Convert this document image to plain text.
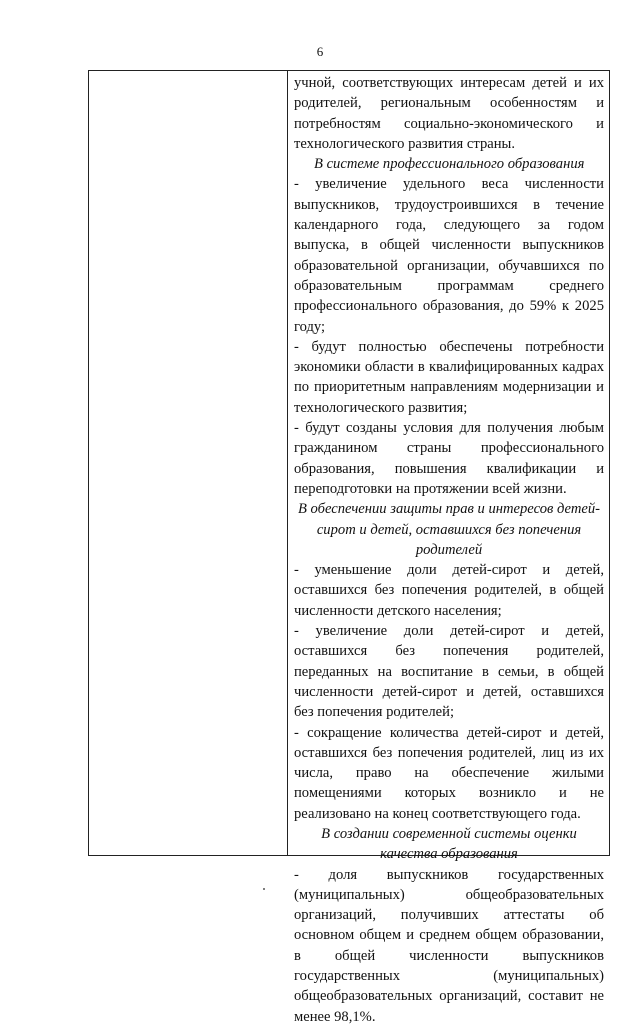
6

учной, соответствующих интересам детей и их родителей, региональным особенностям и потребностям социально-экономического и технологического развития страны.

В системе профессионального образования

- увеличение удельного веса численности выпускников, трудоустроившихся в течение календарного года, следующего за годом выпуска, в общей численности выпускников образовательной организации, обучавшихся по образовательным программам среднего профессионального образования, до 59% к 2025 году;

- будут полностью обеспечены потребности экономики области в квалифицированных кадрах по приоритетным направлениям модернизации и технологического развития;

- будут созданы условия для получения любым гражданином страны профессионального образования, повышения квалификации и переподготовки на протяжении всей жизни.

В обеспечении защиты прав и интересов детей-сирот и детей, оставшихся без попечения родителей

- уменьшение доли детей-сирот и детей, оставшихся без попечения родителей, в общей численности детского населения;

- увеличение доли детей-сирот и детей, оставшихся без попечения родителей, переданных на воспитание в семьи, в общей численности детей-сирот и детей, оставшихся без попечения родителей;

- сокращение количества детей-сирот и детей, оставшихся без попечения родителей, лиц из их числа, право на обеспечение жилыми помещениями которых возникло и не реализовано на конец соответствующего года.

В создании современной системы оценки качества образования

- доля выпускников государственных (муниципальных) общеобразовательных организаций, получивших аттестаты об основном общем и среднем общем образовании, в общей численности выпускников государственных (муниципальных) общеобразовательных организаций, составит не менее 98,1%.
